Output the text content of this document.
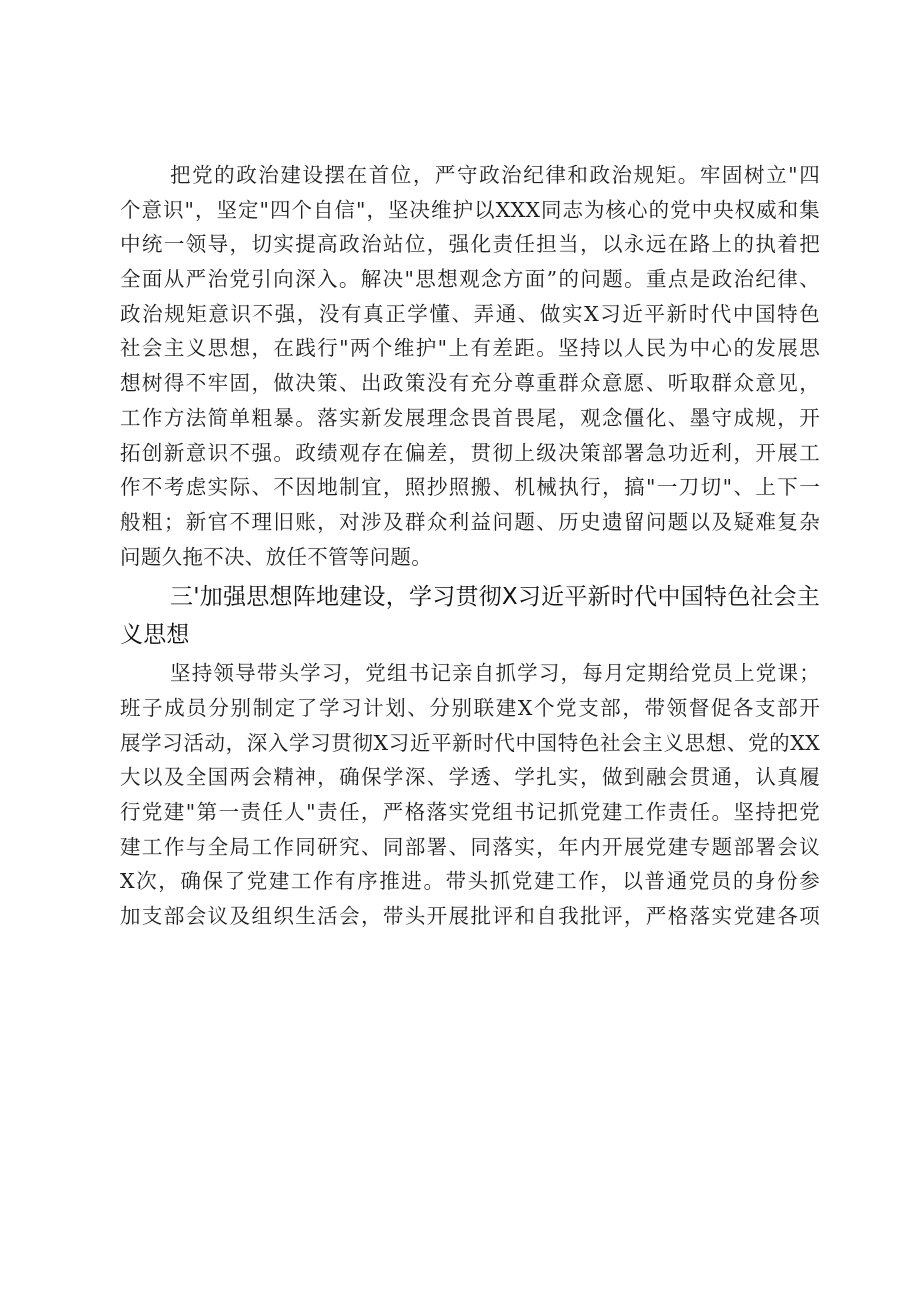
把党的政治建设摆在首位，严守政治纪律和政治规矩。牢固树立"四
个意识"，坚定"四个自信"，坚决维护以XXX同志为核心的党中央权威和集
中统一领导，切实提高政治站位，强化责任担当，以永远在路上的执着把
全面从严治党引向深入。解决"思想观念方面”的问题。重点是政治纪律、
政治规矩意识不强，没有真正学懂、弄通、做实X习近平新时代中国特色
社会主义思想，在践行"两个维护"上有差距。坚持以人民为中心的发展思
想树得不牢固，做决策、出政策没有充分尊重群众意愿、听取群众意见，
工作方法简单粗暴。落实新发展理念畏首畏尾，观念僵化、墨守成规，开
拓创新意识不强。政绩观存在偏差，贯彻上级决策部署急功近利，开展工
作不考虑实际、不因地制宜，照抄照搬、机械执行，搞"一刀切"、上下一
般粗；新官不理旧账，对涉及群众利益问题、历史遗留问题以及疑难复杂
问题久拖不决、放任不管等问题。
三'加强思想阵地建设，学习贯彻X习近平新时代中国特色社会主
义思想
坚持领导带头学习，党组书记亲自抓学习，每月定期给党员上党课；
班子成员分别制定了学习计划、分别联建X个党支部，带领督促各支部开
展学习活动，深入学习贯彻X习近平新时代中国特色社会主义思想、党的XX
大以及全国两会精神，确保学深、学透、学扎实，做到融会贯通，认真履
行党建"第一责任人"责任，严格落实党组书记抓党建工作责任。坚持把党
建工作与全局工作同研究、同部署、同落实，年内开展党建专题部署会议
X次，确保了党建工作有序推进。带头抓党建工作，以普通党员的身份参
加支部会议及组织生活会，带头开展批评和自我批评，严格落实党建各项
